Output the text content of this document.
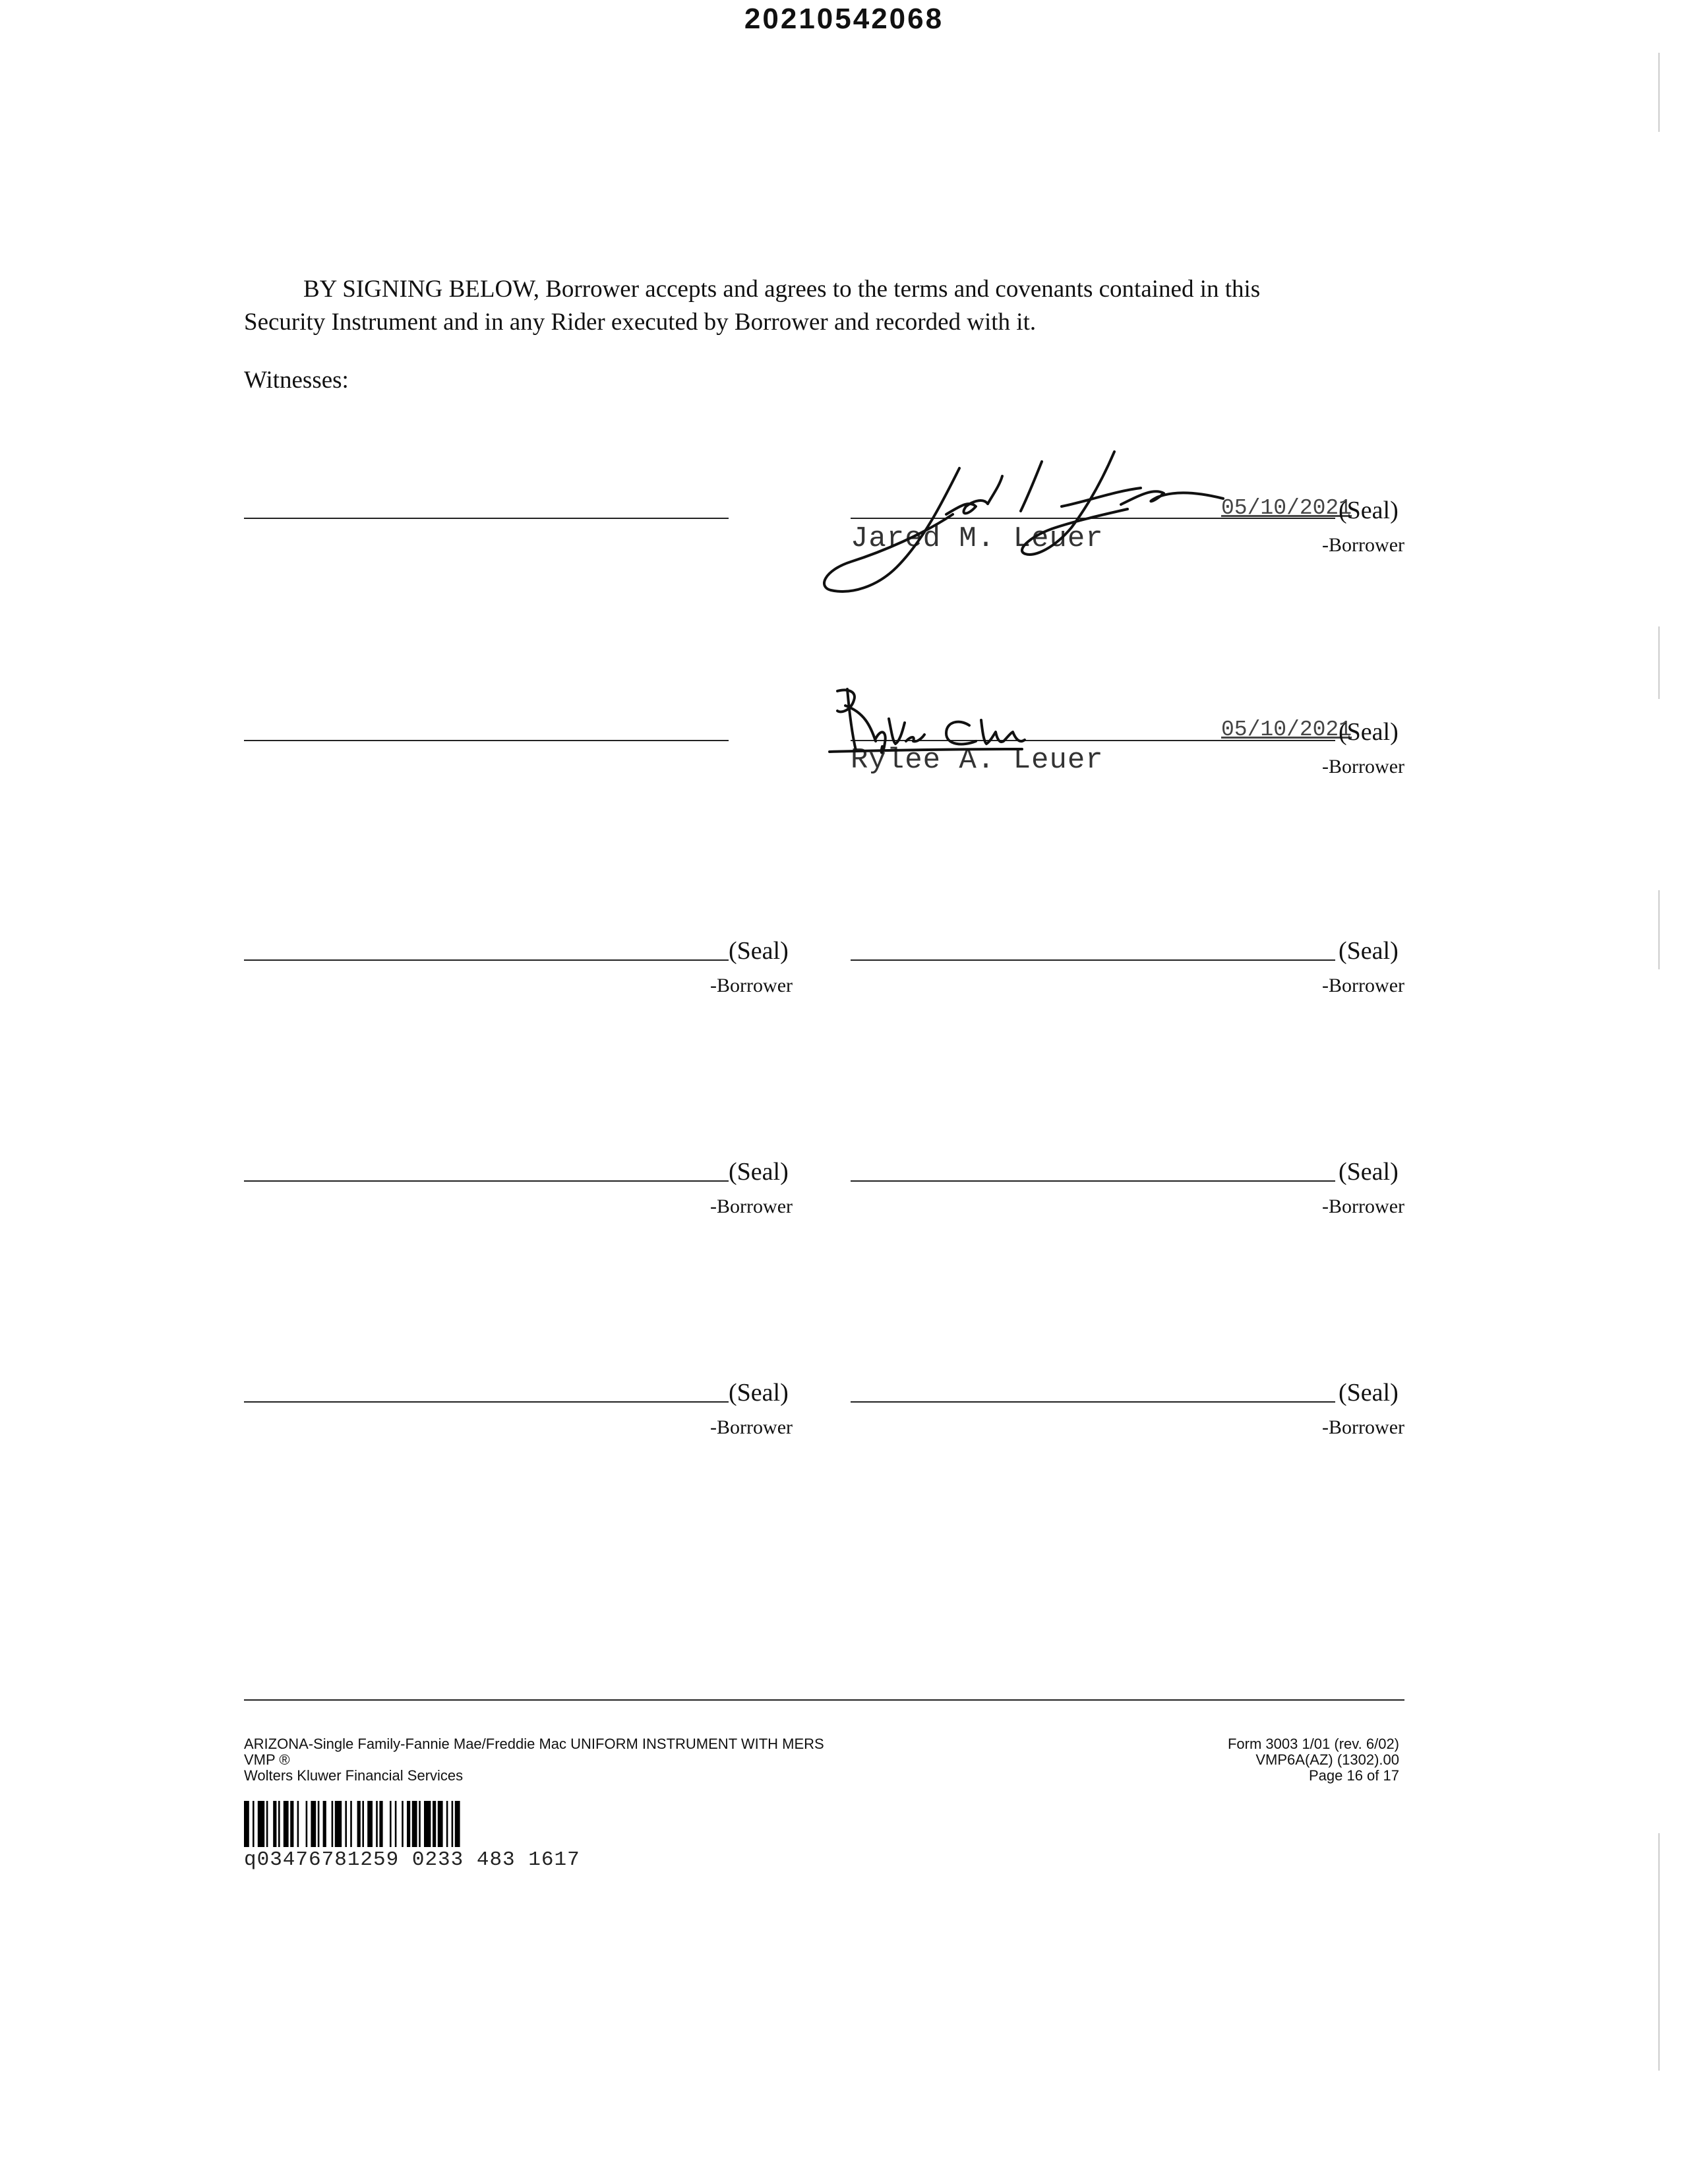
20210542068
BY SIGNING BELOW, Borrower accepts and agrees to the terms and covenants contained in this
Security Instrument and in any Rider executed by Borrower and recorded with it.
Witnesses:
05/10/2021
(Seal)
Jared M. Leuer	-Borrower
05/10/2021
(Seal)
Rylee A. Leuer	-Borrower
(Seal)
-Borrower
(Seal)
-Borrower
(Seal)
-Borrower
(Seal)
-Borrower
(Seal)
-Borrower
(Seal)
-Borrower
ARIZONA-Single Family-Fannie Mae/Freddie Mac UNIFORM INSTRUMENT WITH MERS
VMP ®
Wolters Kluwer Financial Services
Form 3003 1/01 (rev. 6/02)
VMP6A(AZ) (1302).00
Page 16 of 17
q03476781259 0233 483 1617
